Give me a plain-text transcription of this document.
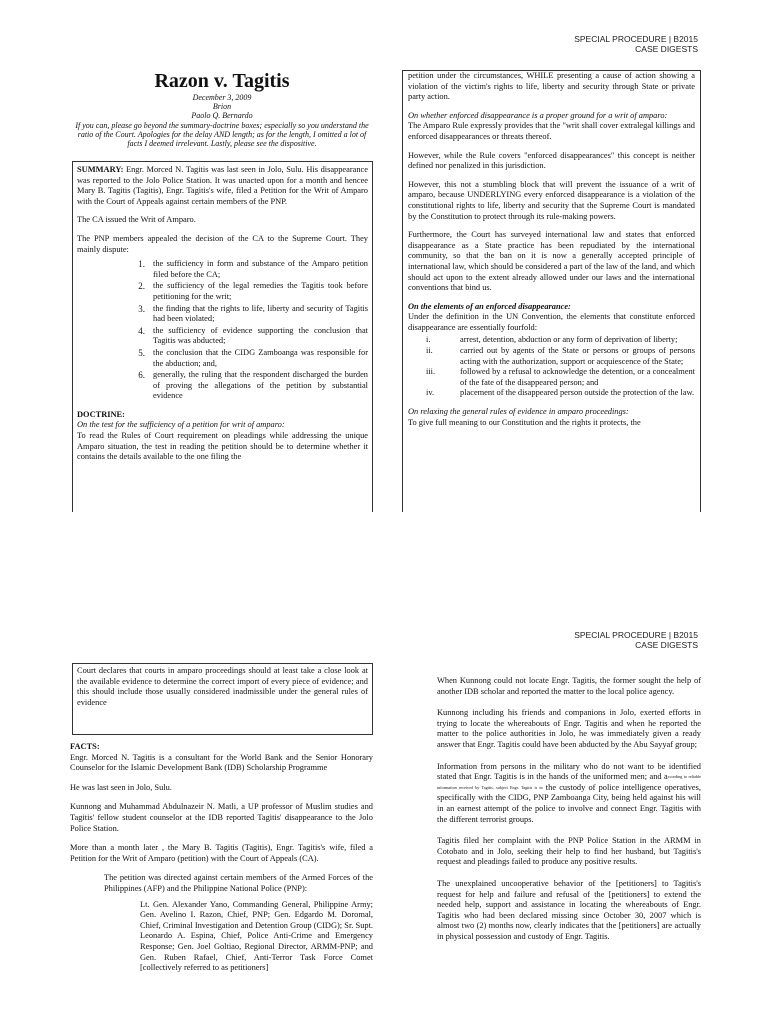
SPECIAL PROCEDURE | B2015
CASE DIGESTS
Razon v. Tagitis
December 3, 2009
Brion
Paolo Q. Bernardo
If you can, please go beyond the summary-doctrine boxes; especially so you understand the ratio of the Court. Apologies for the delay AND length; as for the length, I omitted a lot of facts I deemed irrelevant. Lastly, please see the dispositive.

SUMMARY: Engr. Morced N. Tagitis was last seen in Jolo, Sulu. His disappearance was reported to the Jolo Police Station. It was unacted upon for a month and hencee Mary B. Tagitis (Tagitis), Engr. Tagitis's wife, filed a Petition for the Writ of Amparo with the Court of Appeals against certain members of the PNP.

The CA issued the Writ of Amparo.

The PNP members appealed the decision of the CA to the Supreme Court. They mainly dispute:

1. the sufficiency in form and substance of the Amparo petition filed before the CA;
2. the sufficiency of the legal remedies the Tagitis took before petitioning for the writ;
3. the finding that the rights to life, liberty and security of Tagitis had been violated;
4. the sufficiency of evidence supporting the conclusion that Tagitis was abducted;
5. the conclusion that the CIDG Zamboanga was responsible for the abduction; and,
6. generally, the ruling that the respondent discharged the burden of proving the allegations of the petition by substantial evidence
DOCTRINE:
On the test for the sufficiency of a petition for writ of amparo:
To read the Rules of Court requirement on pleadings while addressing the unique Amparo situation, the test in reading the petition should be to determine whether it contains the details available to the one filing the

petition under the circumstances, WHILE presenting a cause of action showing a violation of the victim's rights to life, liberty and security through State or private party action.

On whether enforced disappearance is a proper ground for a writ of amparo:

The Amparo Rule expressly provides that the "writ shall cover extralegal killings and enforced disappearances or threats thereof.

However, while the Rule covers "enforced disappearances" this concept is neither defined nor penalized in this jurisdiction.

However, this not a stumbling block that will prevent the issuance of a writ of amparo, because UNDERLYING every enforced disappearance is a violation of the constitutional rights to life, liberty and security that the Supreme Court is mandated by the Constitution to protect through its rule-making powers.

Furthermore, the Court has surveyed international law and states that enforced disappearance as a State practice has been repudiated by the international community, so that the ban on it is now a generally accepted principle of international law, which should be considered a part of the law of the land, and which should act upon to the extent already allowed under our laws and the international conventions that bind us.

On the elements of an enforced disappearance:
Under the definition in the UN Convention, the elements that constitute enforced disappearance are essentially fourfold:
i.	arrest, detention, abduction or any form of deprivation of liberty;
ii.	carried out by agents of the State or persons or groups of persons acting with the authorization, support or acquiescence of the State;
iii.	followed by a refusal to acknowledge the detention, or a concealment of the fate of the disappeared person; and
iv.	placement of the disappeared person outside the protection of the law.
On relaxing the general rules of evidence in amparo proceedings:
To give full meaning to our Constitution and the rights it protects, the
SPECIAL PROCEDURE | B2015
CASE DIGESTS
Court declares that courts in amparo proceedings should at least take a close look at the available evidence to determine the correct import of every piece of evidence; and this should include those usually considered inadmissible under the general rules of evidence
FACTS:

Engr. Morced N. Tagitis is a consultant for the World Bank and the Senior Honorary Counselor for the Islamic Development Bank (IDB) Scholarship Programme

He was last seen in Jolo, Sulu.

Kunnong and Muhammad Abdulnazeir N. Matli, a UP professor of Muslim studies and Tagitis' fellow student counselor at the IDB reported Tagitis' disappearance to the Jolo Police Station.

More than a month later , the Mary B. Tagitis (Tagitis), Engr. Tagitis's wife, filed a Petition for the Writ of Amparo (petition) with the Court of Appeals (CA).

The petition was directed against certain members of the Armed Forces of the Philippines (AFP) and the Philippine National Police (PNP):

Lt. Gen. Alexander Yano, Commanding General, Philippine Army; Gen. Avelino I. Razon, Chief, PNP; Gen. Edgardo M. Doromal, Chief, Criminal Investigation and Detention Group (CIDG); Sr. Supt. Leonardo A. Espina, Chief, Police Anti-Crime and Emergency Response; Gen. Joel Goltiao, Regional Director, ARMM-PNP; and Gen. Ruben Rafael, Chief, Anti-Terror Task Force Comet [collectively referred to as petitioners]

When Kunnong could not locate Engr. Tagitis, the former sought the help of another IDB scholar and reported the matter to the local police agency.

Kunnong including his friends and companions in Jolo, exerted efforts in trying to locate the whereabouts of Engr. Tagitis and when he reported the matter to the police authorities in Jolo, he was immediately given a ready answer that Engr. Tagitis could have been abducted by the Abu Sayyaf group;

Information from persons in the military who do not want to be identified stated that Engr. Tagitis is in the hands of the uniformed men; and $a^{ccording to reliable information received by Tagitis, subject Engr. Tagitis is in}$ the custody of police intelligence operatives, specifically with the CIDG, PNP Zamboanga City, being held against his will in an earnest attempt of the police to involve and connect Engr. Tagitis with the different terrorist groups.

Tagitis filed her complaint with the PNP Police Station in the ARMM in Cotobato and in Jolo, seeking their help to find her husband, but Tagitis's request and pleadings failed to produce any positive results.

The unexplained uncooperative behavior of the [petitioners] to Tagitis's request for help and failure and refusal of the [petitioners] to extend the needed help, support and assistance in locating the whereabouts of Engr. Tagitis who had been declared missing since October 30, 2007 which is almost two (2) months now, clearly indicates that the [petitioners] are actually in physical possession and custody of Engr. Tagitis.
